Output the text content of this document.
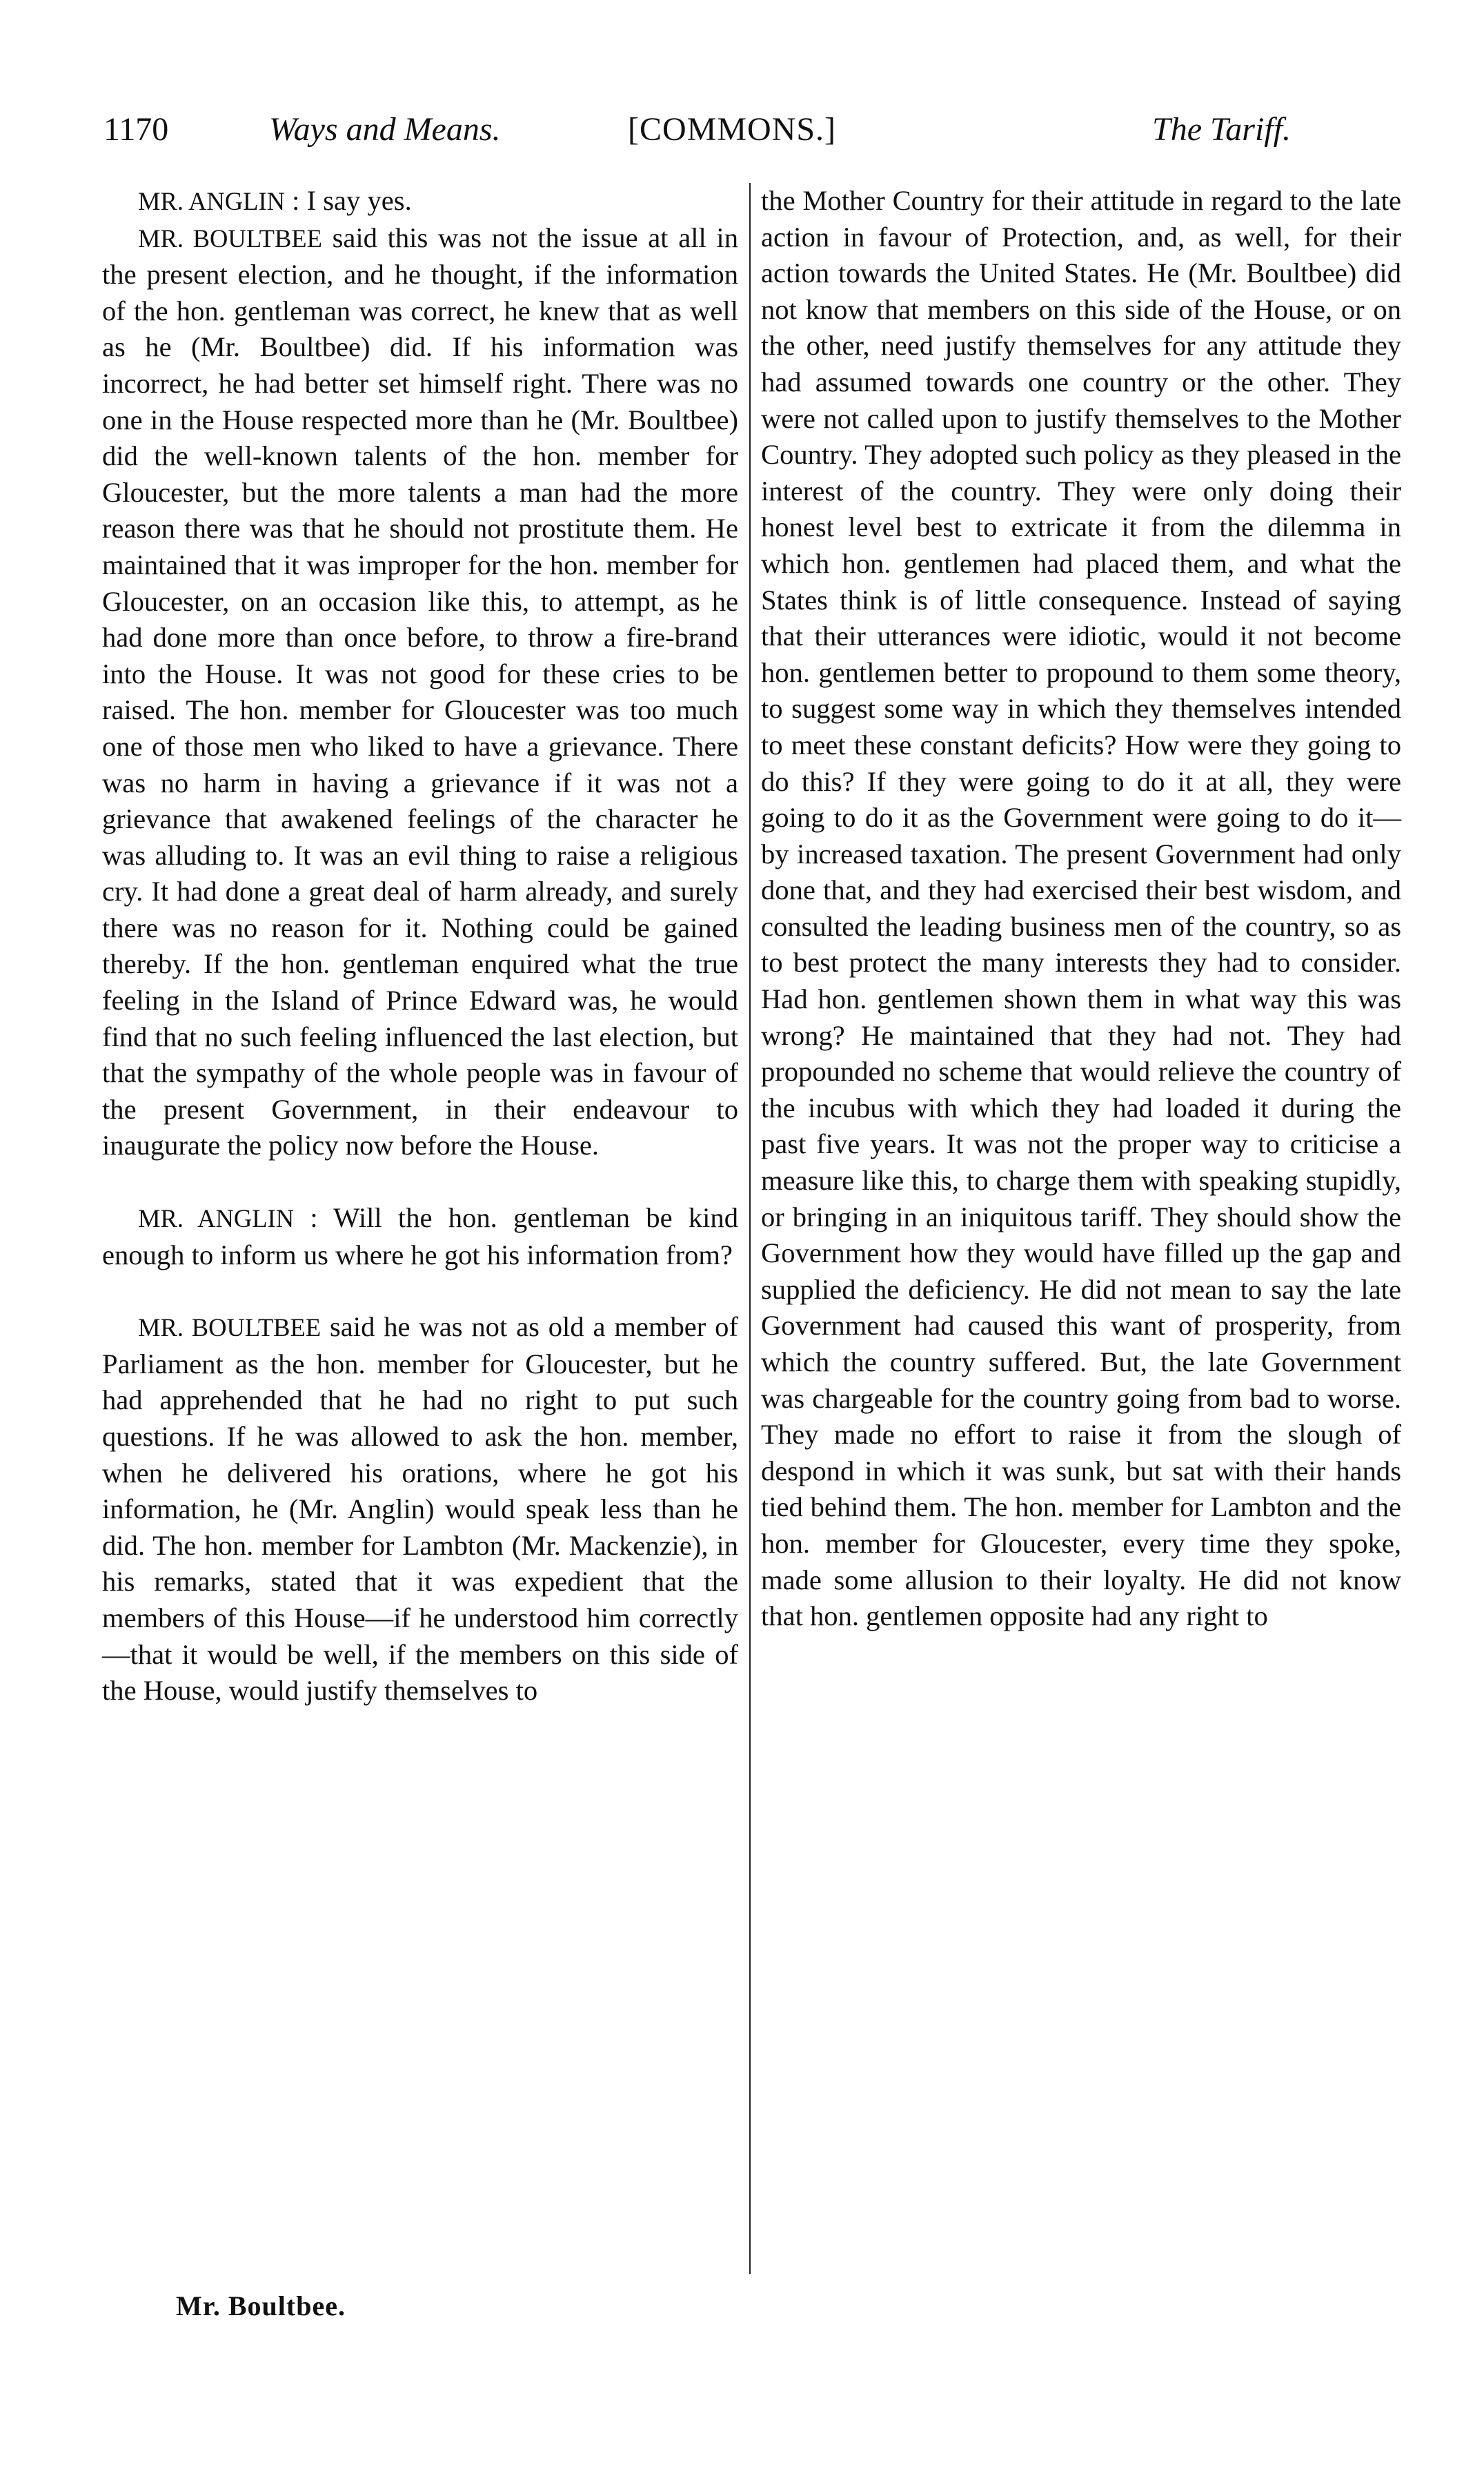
1170	Ways and Means.	[COMMONS.]	The Tariff.

MR. ANGLIN : I say yes.

MR. BOULTBEE said this was not the issue at all in the present election, and he thought, if the information of the hon. gentleman was correct, he knew that as well as he (Mr. Boultbee) did. If his information was incorrect, he had better set himself right. There was no one in the House respected more than he (Mr. Boultbee) did the well-known talents of the hon. member for Gloucester, but the more talents a man had the more reason there was that he should not prostitute them. He maintained that it was improper for the hon. member for Gloucester, on an occasion like this, to attempt, as he had done more than once before, to throw a fire-brand into the House. It was not good for these cries to be raised. The hon. member for Gloucester was too much one of those men who liked to have a grievance. There was no harm in having a grievance if it was not a grievance that awakened feelings of the character he was alluding to. It was an evil thing to raise a religious cry. It had done a great deal of harm already, and surely there was no reason for it. Nothing could be gained thereby. If the hon. gentleman enquired what the true feeling in the Island of Prince Edward was, he would find that no such feeling influenced the last election, but that the sympathy of the whole people was in favour of the present Government, in their endeavour to inaugurate the policy now before the House.

MR. ANGLIN : Will the hon. gentleman be kind enough to inform us where he got his information from?

MR. BOULTBEE said he was not as old a member of Parliament as the hon. member for Gloucester, but he had apprehended that he had no right to put such questions. If he was allowed to ask the hon. member, when he delivered his orations, where he got his information, he (Mr. Anglin) would speak less than he did. The hon. member for Lambton (Mr. Mackenzie), in his remarks, stated that it was expedient that the members of this House—if he understood him correctly—that it would be well, if the members on this side of the House, would justify themselves to

the Mother Country for their attitude in regard to the late action in favour of Protection, and, as well, for their action towards the United States. He (Mr. Boultbee) did not know that members on this side of the House, or on the other, need justify themselves for any attitude they had assumed towards one country or the other. They were not called upon to justify themselves to the Mother Country. They adopted such policy as they pleased in the interest of the country. They were only doing their honest level best to extricate it from the dilemma in which hon. gentlemen had placed them, and what the States think is of little consequence. Instead of saying that their utterances were idiotic, would it not become hon. gentlemen better to propound to them some theory, to suggest some way in which they themselves intended to meet these constant deficits? How were they going to do this? If they were going to do it at all, they were going to do it as the Government were going to do it—by increased taxation. The present Government had only done that, and they had exercised their best wisdom, and consulted the leading business men of the country, so as to best protect the many interests they had to consider. Had hon. gentlemen shown them in what way this was wrong? He maintained that they had not. They had propounded no scheme that would relieve the country of the incubus with which they had loaded it during the past five years. It was not the proper way to criticise a measure like this, to charge them with speaking stupidly, or bringing in an iniquitous tariff. They should show the Government how they would have filled up the gap and supplied the deficiency. He did not mean to say the late Government had caused this want of prosperity, from which the country suffered. But, the late Government was chargeable for the country going from bad to worse. They made no effort to raise it from the slough of despond in which it was sunk, but sat with their hands tied behind them. The hon. member for Lambton and the hon. member for Gloucester, every time they spoke, made some allusion to their loyalty. He did not know that hon. gentlemen opposite had any right to

Mr. Boultbee.
